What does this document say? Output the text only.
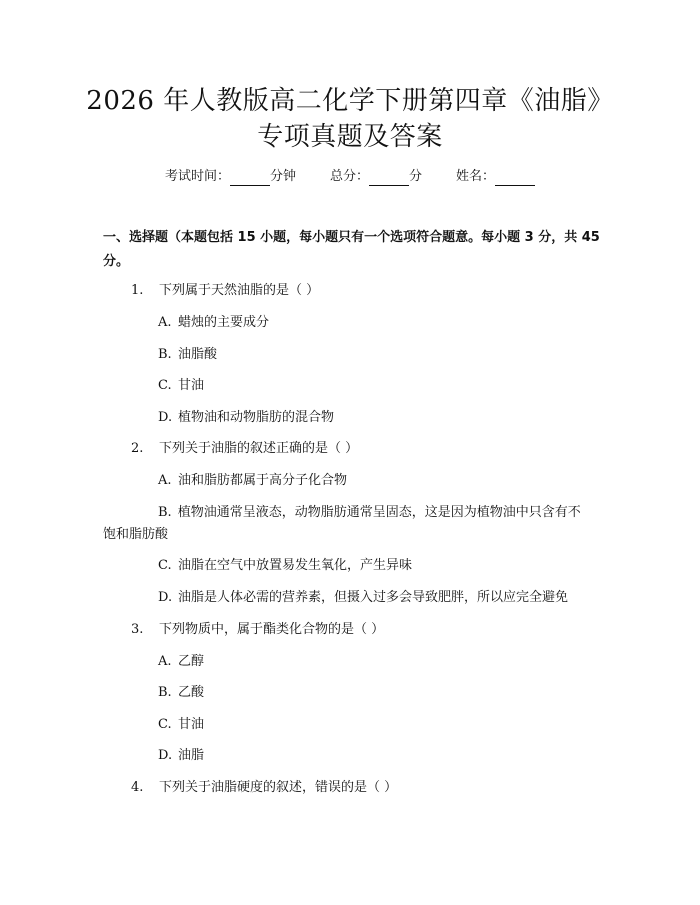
2026 年人教版高二化学下册第四章《油脂》
专项真题及答案
考试时间：	分钟	总分：	分	姓名：
一、选择题（本题包括 15 小题，每小题只有一个选项符合题意。每小题 3 分，共 45 分。
1. 下列属于天然油脂的是（ ）
A. 蜡烛的主要成分
B. 油脂酸
C. 甘油
D. 植物油和动物脂肪的混合物
2. 下列关于油脂的叙述正确的是（ ）
A. 油和脂肪都属于高分子化合物
B. 植物油通常呈液态，动物脂肪通常呈固态，这是因为植物油中只含有不饱和脂肪酸
C. 油脂在空气中放置易发生氧化，产生异味
D. 油脂是人体必需的营养素，但摄入过多会导致肥胖，所以应完全避免
3. 下列物质中，属于酯类化合物的是（ ）
A. 乙醇
B. 乙酸
C. 甘油
D. 油脂
4. 下列关于油脂硬度的叙述，错误的是（ ）
